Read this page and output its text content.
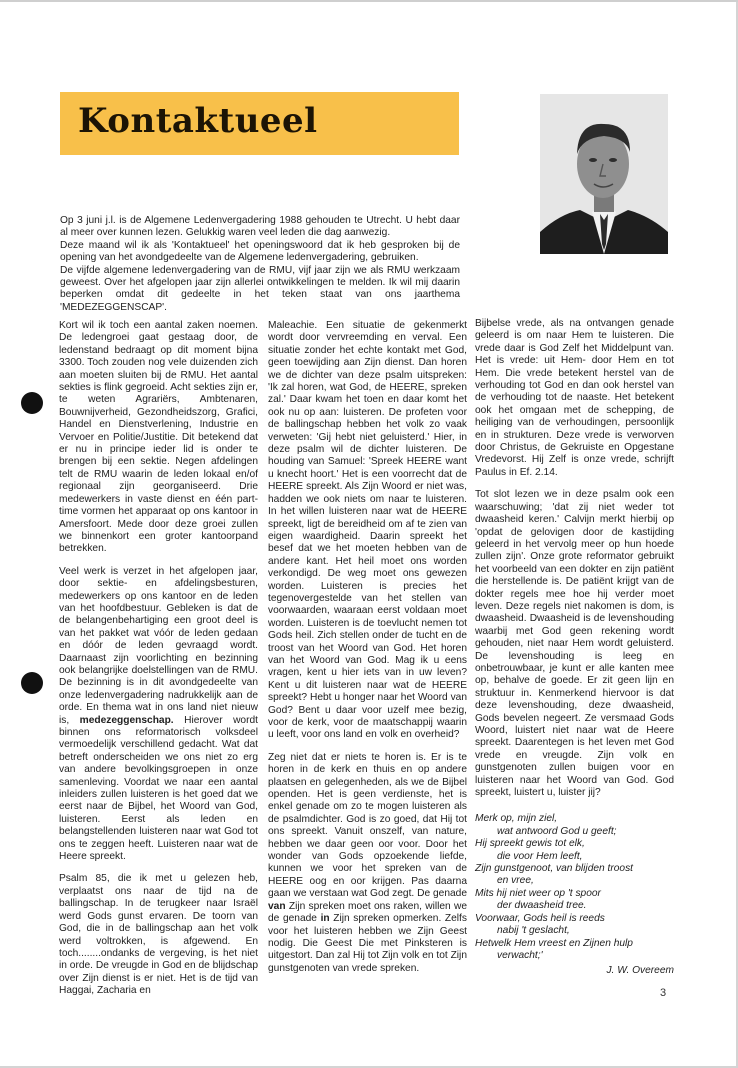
Kontaktueel
Op 3 juni j.l. is de Algemene Ledenvergadering 1988 gehouden te Utrecht. U hebt daar al meer over kunnen lezen. Gelukkig waren veel leden die dag aanwezig.
Deze maand wil ik als 'Kontaktueel' het openingswoord dat ik heb gesproken bij de opening van het avondgedeelte van de Algemene ledenvergadering, gebruiken.
De vijfde algemene ledenvergadering van de RMU, vijf jaar zijn we als RMU werkzaam geweest. Over het afgelopen jaar zijn allerlei ontwikkelingen te melden. Ik wil mij daarin beperken omdat dit gedeelte in het teken staat van ons jaarthema 'MEDEZEGGENSCAP'.

Kort wil ik toch een aantal zaken noemen. De ledengroei gaat gestaag door, de ledenstand bedraagt op dit moment bijna 3300. Toch zouden nog vele duizenden zich aan moeten sluiten bij de RMU. Het aantal sekties is flink gegroeid. Acht sekties zijn er, te weten Agrariërs, Ambtenaren, Bouwnijverheid, Gezondheidszorg, Grafici, Handel en Dienstverlening, Industrie en Vervoer en Politie/Justitie. Dit betekend dat er nu in principe ieder lid is onder te brengen bij een sektie. Negen afdelingen telt de RMU waarin de leden lokaal en/of regionaal zijn georganiseerd. Drie medewerkers in vaste dienst en één part-time vormen het apparaat op ons kantoor in Amersfoort. Mede door deze groei zullen we binnenkort een groter kantoorpand betrekken.

Veel werk is verzet in het afgelopen jaar, door sektie- en afdelingsbesturen, medewerkers op ons kantoor en de leden van het hoofdbestuur. Gebleken is dat de de belangenbehartiging een groot deel is van het pakket wat vóór de leden gedaan en dóór de leden gevraagd wordt. Daarnaast zijn voorlichting en bezinning ook belangrijke doelstellingen van de RMU. De bezinning is in dit avondgedeelte van onze ledenvergadering nadrukkelijk aan de orde. En thema wat in ons land niet nieuw is, medezeggenschap. Hierover wordt binnen ons reformatorisch volksdeel vermoedelijk verschillend gedacht. Wat dat betreft onderscheiden we ons niet zo erg van andere bevolkingsgroepen in onze samenleving. Voordat we naar een aantal inleiders zullen luisteren is het goed dat we eerst naar de Bijbel, het Woord van God, luisteren. Eerst als leden en belangstellenden luisteren naar wat God tot ons te zeggen heeft. Luisteren naar wat de Heere spreekt.

Psalm 85, die ik met u gelezen heb, verplaatst ons naar de tijd na de ballingschap. In de terugkeer naar Israël werd Gods gunst ervaren. De toorn van God, die in de ballingschap aan het volk werd voltrokken, is afgewend. En toch........ondanks de vergeving, is het niet in orde. De vreugde in God en de blijdschap over Zijn dienst is er niet. Het is de tijd van Haggai, Zacharia en

Maleachie. Een situatie de gekenmerkt wordt door vervreemding en verval. Een situatie zonder het echte kontakt met God, geen toewijding aan Zijn dienst. Dan horen we de dichter van deze psalm uitspreken: 'Ik zal horen, wat God, de HEERE, spreken zal.' Daar kwam het toen en daar komt het ook nu op aan: luisteren. De profeten voor de ballingschap hebben het volk zo vaak verweten: 'Gij hebt niet geluisterd.' Hier, in deze psalm wil de dichter luisteren. De houding van Samuel: 'Spreek HEERE want u knecht hoort.' Het is een voorrecht dat de HEERE spreekt. Als Zijn Woord er niet was, hadden we ook niets om naar te luisteren. In het willen luisteren naar wat de HEERE spreekt, ligt de bereidheid om af te zien van eigen waardigheid. Daarin spreekt het besef dat we het moeten hebben van de andere kant. Het heil moet ons worden verkondigd. De weg moet ons gewezen worden. Luisteren is precies het tegenovergestelde van het stellen van voorwaarden, waaraan eerst voldaan moet worden. Luisteren is de toevlucht nemen tot Gods heil. Zich stellen onder de tucht en de troost van het Woord van God. Het horen van het Woord van God. Mag ik u eens vragen, kent u hier iets van in uw leven? Kent u dit luisteren naar wat de HEERE spreekt? Hebt u honger naar het Woord van God? Bent u daar voor uzelf mee bezig, voor de kerk, voor de maatschappij waarin u leeft, voor ons land en volk en overheid?

Zeg niet dat er niets te horen is. Er is te horen in de kerk en thuis en op andere plaatsen en gelegenheden, als we de Bijbel openden. Het is geen verdienste, het is enkel genade om zo te mogen luisteren als de psalmdichter. God is zo goed, dat Hij tot ons spreekt. Vanuit onszelf, van nature, hebben we daar geen oor voor. Door het wonder van Gods opzoekende liefde, kunnen we voor het spreken van de HEERE oog en oor krijgen. Pas daarna gaan we verstaan wat God zegt. De genade van Zijn spreken moet ons raken, willen we de genade in Zijn spreken opmerken. Zelfs voor het luisteren hebben we Zijn Geest nodig. Die Geest Die met Pinksteren is uitgestort. Dan zal Hij tot Zijn volk en tot Zijn gunstgenoten van vrede spreken.

Bijbelse vrede, als na ontvangen genade geleerd is om naar Hem te luisteren. Die vrede daar is God Zelf het Middelpunt van. Het is vrede: uit Hem- door Hem en tot Hem. Die vrede betekent herstel van de verhouding tot God en dan ook herstel van de verhouding tot de naaste. Het betekent ook het omgaan met de schepping, de heiliging van de verhoudingen, persoonlijk en in strukturen. Deze vrede is verworven door Christus, de Gekruiste en Opgestane Vredevorst. Hij Zelf is onze vrede, schrijft Paulus in Ef. 2.14.

Tot slot lezen we in deze psalm ook een waarschuwing; 'dat zij niet weder tot dwaasheid keren.' Calvijn merkt hierbij op 'opdat de gelovigen door de kastijding geleerd in het vervolg meer op hun hoede zullen zijn'. Onze grote reformator gebruikt het voorbeeld van een dokter en zijn patiënt die herstellende is. De patiënt krijgt van de dokter regels mee hoe hij verder moet leven. Deze regels niet nakomen is dom, is dwaasheid. Dwaasheid is de levenshouding waarbij met God geen rekening wordt gehouden, niet naar Hem wordt geluisterd. De levenshouding is leeg en onbetrouwbaar, je kunt er alle kanten mee op, behalve de goede. Er zit geen lijn en struktuur in. Kenmerkend hiervoor is dat deze levenshouding, deze dwaasheid, Gods bevelen negeert. Ze versmaad Gods Woord, luistert niet naar wat de Heere spreekt. Daarentegen is het leven met God vrede en vreugde. Zijn volk en gunstgenoten zullen buigen voor en luisteren naar het Woord van God. God spreekt, luistert u, luister jij?

Merk op, mijn ziel,
wat antwoord God u geeft;
Hij spreekt gewis tot elk,
die voor Hem leeft,
Zijn gunstgenoot, van blijden troost
en vree,
Mits hij niet weer op 't spoor
der dwaasheid tree.
Voorwaar, Gods heil is reeds
nabij 't geslacht,
Hetwelk Hem vreest en Zijnen hulp
verwacht;'
J. W. Overeem
3
